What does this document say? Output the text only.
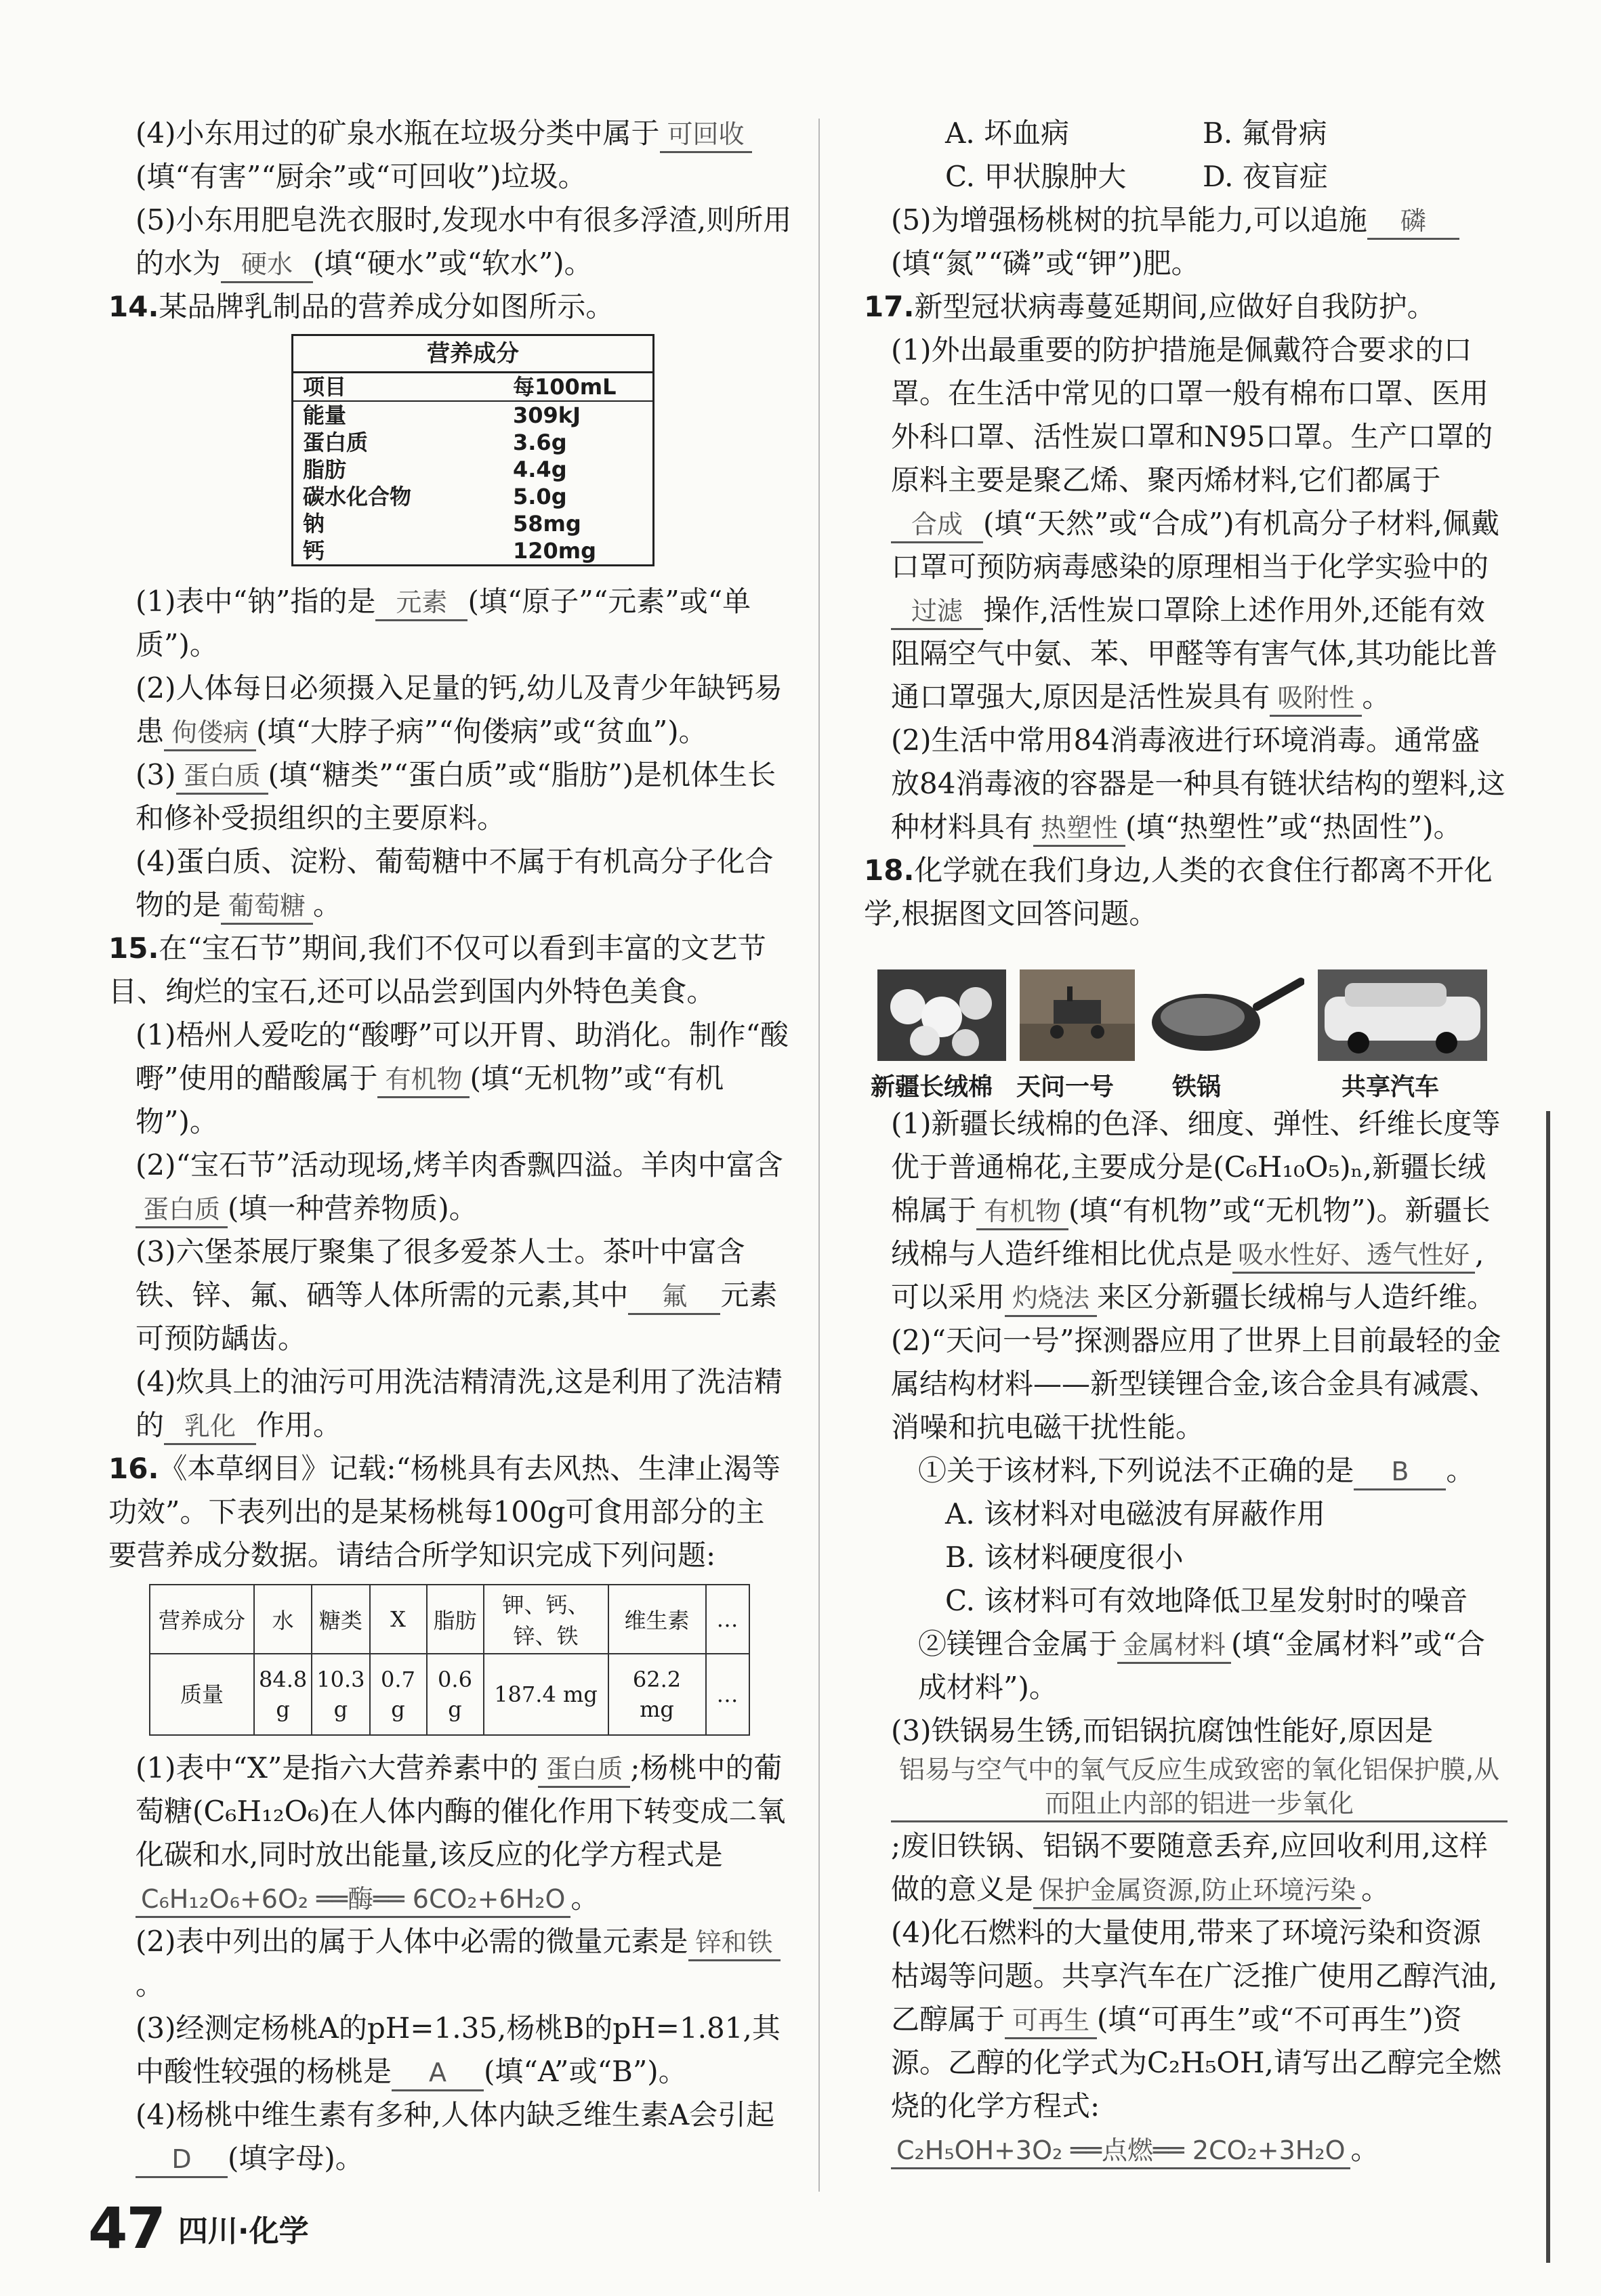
(4)小东用过的矿泉水瓶在垃圾分类中属于 可回收(填“有害”“厨余”或“可回收”)垃圾。

(5)小东用肥皂洗衣服时,发现水中有很多浮渣,则所用的水为 硬水 (填“硬水”或“软水”)。

14.某品牌乳制品的营养成分如图所示。

营养成分
项目	每100mL
能量	309kJ
蛋白质	3.6g
脂肪	4.4g
碳水化合物	5.0g
钠	58mg
钙	120mg

(1)表中“钠”指的是 元素 (填“原子”“元素”或“单质”)。

(2)人体每日必须摄入足量的钙,幼儿及青少年缺钙易患 佝偻病 (填“大脖子病”“佝偻病”或“贫血”)。

(3) 蛋白质 (填“糖类”“蛋白质”或“脂肪”)是机体生长和修补受损组织的主要原料。

(4)蛋白质、淀粉、葡萄糖中不属于有机高分子化合物的是 葡萄糖 。

15.在“宝石节”期间,我们不仅可以看到丰富的文艺节目、绚烂的宝石,还可以品尝到国内外特色美食。

(1)梧州人爱吃的“酸嘢”可以开胃、助消化。制作“酸嘢”使用的醋酸属于 有机物 (填“无机物”或“有机物”)。

(2)“宝石节”活动现场,烤羊肉香飘四溢。羊肉中富含蛋白质 (填一种营养物质)。

(3)六堡茶展厅聚集了很多爱茶人士。茶叶中富含铁、锌、氟、硒等人体所需的元素,其中 氟 元素可预防龋齿。

(4)炊具上的油污可用洗洁精清洗,这是利用了洗洁精的 乳化 作用。

16.《本草纲目》记载:“杨桃具有去风热、生津止渴等功效”。下表列出的是某杨桃每100g可食用部分的主要营养成分数据。请结合所学知识完成下列问题:

营养成分	水	糖类	X	脂肪	钾、钙、锌、铁	维生素	…
质量	84.8 g	10.3 g	0.7 g	0.6 g	187.4 mg	62.2 mg	…

(1)表中“X”是指六大营养素中的 蛋白质 ;杨桃中的葡萄糖(C₆H₁₂O₆)在人体内酶的催化作用下转变成二氧化碳和水,同时放出能量,该反应的化学方程式是 C₆H₁₂O₆+6O₂ ══酶══ 6CO₂+6H₂O 。

(2)表中列出的属于人体中必需的微量元素是 锌和铁。

(3)经测定杨桃A的pH=1.35,杨桃B的pH=1.81,其中酸性较强的杨桃是 A (填“A”或“B”)。

(4)杨桃中维生素有多种,人体内缺乏维生素A会引起D (填字母)。

A. 坏血病	B. 氟骨病
C. 甲状腺肿大	D. 夜盲症

(5)为增强杨桃树的抗旱能力,可以追施 磷(填“氮”“磷”或“钾”)肥。

17.新型冠状病毒蔓延期间,应做好自我防护。

(1)外出最重要的防护措施是佩戴符合要求的口罩。在生活中常见的口罩一般有棉布口罩、医用外科口罩、活性炭口罩和N95口罩。生产口罩的原料主要是聚乙烯、聚丙烯材料,它们都属于合成 (填“天然”或“合成”)有机高分子材料,佩戴口罩可预防病毒感染的原理相当于化学实验中的过滤 操作,活性炭口罩除上述作用外,还能有效阻隔空气中氨、苯、甲醛等有害气体,其功能比普通口罩强大,原因是活性炭具有 吸附性 。

(2)生活中常用84消毒液进行环境消毒。通常盛放84消毒液的容器是一种具有链状结构的塑料,这种材料具有 热塑性 (填“热塑性”或“热固性”)。

18.化学就在我们身边,人类的衣食住行都离不开化学,根据图文回答问题。

新疆长绒棉 天问一号	铁锅	共享汽车

(1)新疆长绒棉的色泽、细度、弹性、纤维长度等优于普通棉花,主要成分是(C₆H₁₀O₅)ₙ,新疆长绒棉属于 有机物 (填“有机物”或“无机物”)。新疆长绒棉与人造纤维相比优点是 吸水性好、透气性好 ,可以采用 灼烧法 来区分新疆长绒棉与人造纤维。

(2)“天问一号”探测器应用了世界上目前最轻的金属结构材料——新型镁锂合金,该合金具有减震、消噪和抗电磁干扰性能。

①关于该材料,下列说法不正确的是 B 。

A. 该材料对电磁波有屏蔽作用

B. 该材料硬度很小

C. 该材料可有效地降低卫星发射时的噪音

②镁锂合金属于 金属材料 (填“金属材料”或“合成材料”)。

(3)铁锅易生锈,而铝锅抗腐蚀性能好,原因是铝易与空气中的氧气反应生成致密的氧化铝保护膜,从而阻止内部的铝进一步氧化;废旧铁锅、铝锅不要随意丢弃,应回收利用,这样做的意义是 保护金属资源,防止环境污染 。

(4)化石燃料的大量使用,带来了环境污染和资源枯竭等问题。共享汽车在广泛推广使用乙醇汽油,乙醇属于 可再生 (填“可再生”或“不可再生”)资源。乙醇的化学式为C₂H₅OH,请写出乙醇完全燃烧的化学方程式:C₂H₅OH+3O₂ ══点燃══ 2CO₂+3H₂O 。

47 四川·化学
